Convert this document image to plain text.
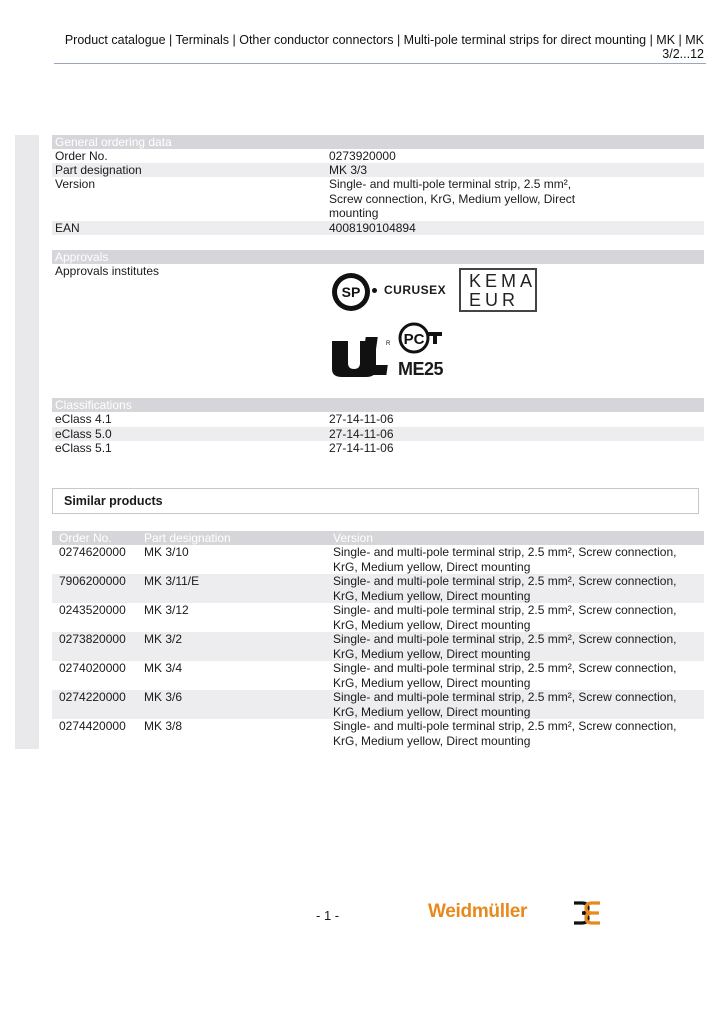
Product catalogue | Terminals | Other conductor connectors | Multi-pole terminal strips for direct mounting | MK | MK 3/2...12
General ordering data
Order No.	0273920000
Part designation	MK 3/3
Version	Single- and multi-pole terminal strip, 2.5 mm², Screw connection, KrG, Medium yellow, Direct mounting
EAN	4008190104894
Approvals
Approvals institutes
SP CURUSEX KEMA
EUR
R PC
ME25
Classifications
eClass 4.1	27-14-11-06
eClass 5.0	27-14-11-06
eClass 5.1	27-14-11-06
Similar products
Order No.	Part designation	Version
0274620000 MK 3/10	Single- and multi-pole terminal strip, 2.5 mm², Screw connection, KrG, Medium yellow, Direct mounting
7906200000 MK 3/11/E	Single- and multi-pole terminal strip, 2.5 mm², Screw connection, KrG, Medium yellow, Direct mounting
0243520000 MK 3/12	Single- and multi-pole terminal strip, 2.5 mm², Screw connection, KrG, Medium yellow, Direct mounting
0273820000 MK 3/2	Single- and multi-pole terminal strip, 2.5 mm², Screw connection, KrG, Medium yellow, Direct mounting
0274020000 MK 3/4	Single- and multi-pole terminal strip, 2.5 mm², Screw connection, KrG, Medium yellow, Direct mounting
0274220000 MK 3/6	Single- and multi-pole terminal strip, 2.5 mm², Screw connection, KrG, Medium yellow, Direct mounting
0274420000 MK 3/8	Single- and multi-pole terminal strip, 2.5 mm², Screw connection, KrG, Medium yellow, Direct mounting
- 1 -	Weidmüller
